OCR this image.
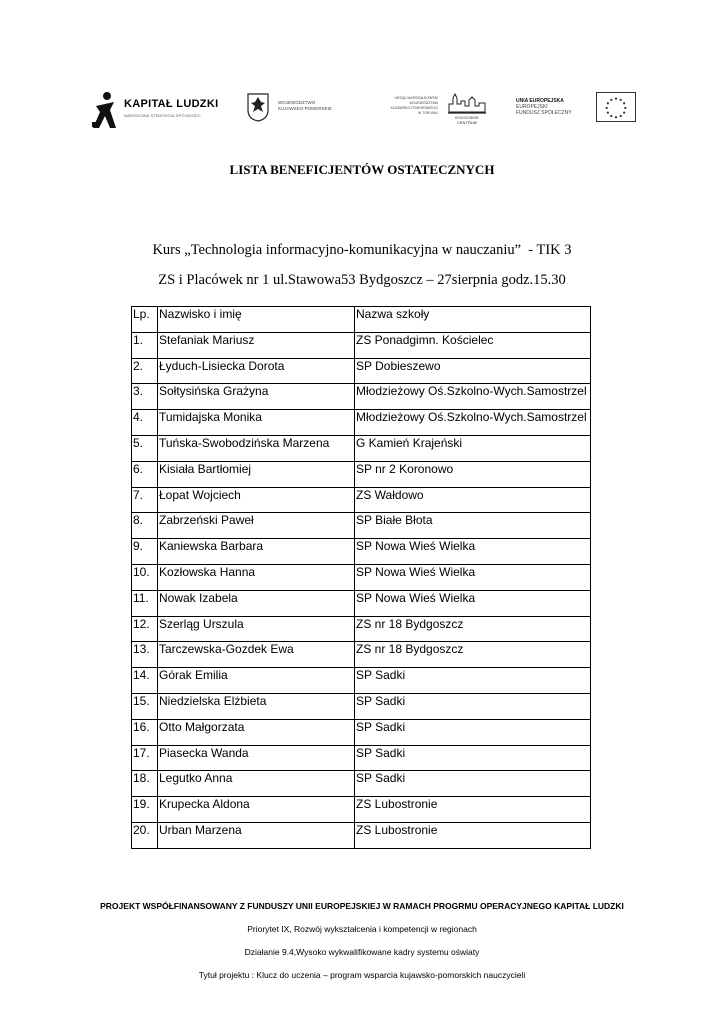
KAPITAŁ LUDZKI
NARODOWA STRATEGIA SPÓJNOŚCI
WOJEWÓDZTWO
KUJAWSKO-POMORSKIE
URZĄD MARSZAŁKOWSKI
WOJEWÓDZTWA
KUJAWSKO-POMORSKIEGO
W TORUNIU
BYDGOSKIE
CENTRUM
UNIA EUROPEJSKA
EUROPEJSKI
FUNDUSZ SPOŁECZNY
LISTA BENEFICJENTÓW OSTATECZNYCH
Kurs „Technologia informacyjno-komunikacyjna w nauczaniu”  - TIK 3
ZS i Placówek nr 1 ul.Stawowa53 Bydgoszcz – 27sierpnia godz.15.30
Lp.	Nazwisko i imię	Nazwa szkoły
1.	Stefaniak Mariusz	ZS Ponadgimn. Kościelec
2.	Łyduch-Lisiecka Dorota	SP Dobieszewo
3.	Sołtysińska Grażyna	Młodzieżowy Oś.Szkolno-Wych.Samostrzel
4.	Tumidajska Monika	Młodzieżowy Oś.Szkolno-Wych.Samostrzel
5.	Tuńska-Swobodzińska Marzena	G Kamień Krajeński
6.	Kisiała Bartłomiej	SP nr 2 Koronowo
7.	Łopat Wojciech	ZS Wałdowo
8.	Zabrzeński Paweł	SP Białe Błota
9.	Kaniewska Barbara	SP Nowa Wieś Wielka
10.	Kozłowska Hanna	SP Nowa Wieś Wielka
11.	Nowak Izabela	SP Nowa Wieś Wielka
12.	Szerląg Urszula	ZS nr 18 Bydgoszcz
13.	Tarczewska-Gozdek Ewa	ZS nr 18 Bydgoszcz
14.	Górak Emilia	SP Sadki
15.	Niedzielska Elżbieta	SP Sadki
16.	Otto Małgorzata	SP Sadki
17.	Piasecka Wanda	SP Sadki
18.	Legutko Anna	SP Sadki
19.	Krupecka Aldona	ZS Lubostronie
20.	Urban Marzena	ZS Lubostronie
PROJEKT WSPÓŁFINANSOWANY Z FUNDUSZY UNII EUROPEJSKIEJ W RAMACH PROGRMU OPERACYJNEGO KAPITAŁ LUDZKI
Priorytet IX, Rozwój wykształcenia i kompetencji w regionach
Działanie 9.4,Wysoko wykwalifikowane kadry systemu oświaty
Tytuł projektu : Klucz do uczenia – program wsparcia kujawsko-pomorskich nauczycieli
